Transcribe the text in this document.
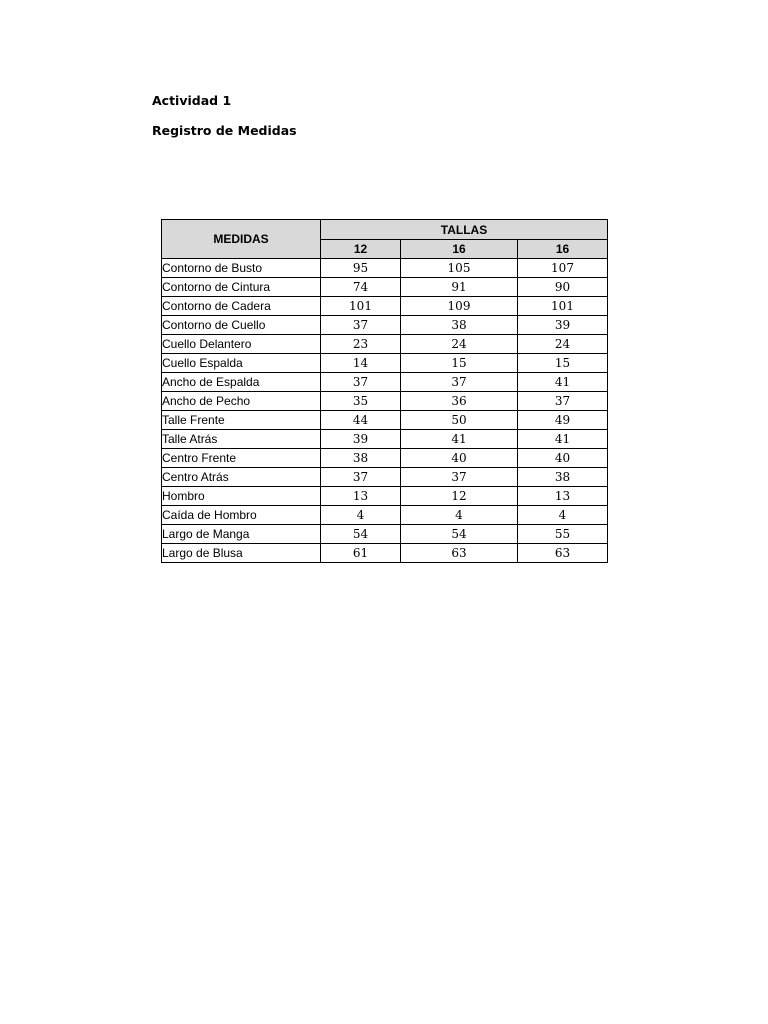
Actividad 1

Registro de Medidas

MEDIDAS	TALLAS		
	12	16	16
Contorno de Busto	95	105	107
Contorno de Cintura	74	91	90
Contorno de Cadera	101	109	101
Contorno de Cuello	37	38	39
Cuello Delantero	23	24	24
Cuello Espalda	14	15	15
Ancho de Espalda	37	37	41
Ancho de Pecho	35	36	37
Talle Frente	44	50	49
Talle Atrás	39	41	41
Centro Frente	38	40	40
Centro Atrás	37	37	38
Hombro	13	12	13
Caída de Hombro	4	4	4
Largo de Manga	54	54	55
Largo de Blusa	61	63	63
